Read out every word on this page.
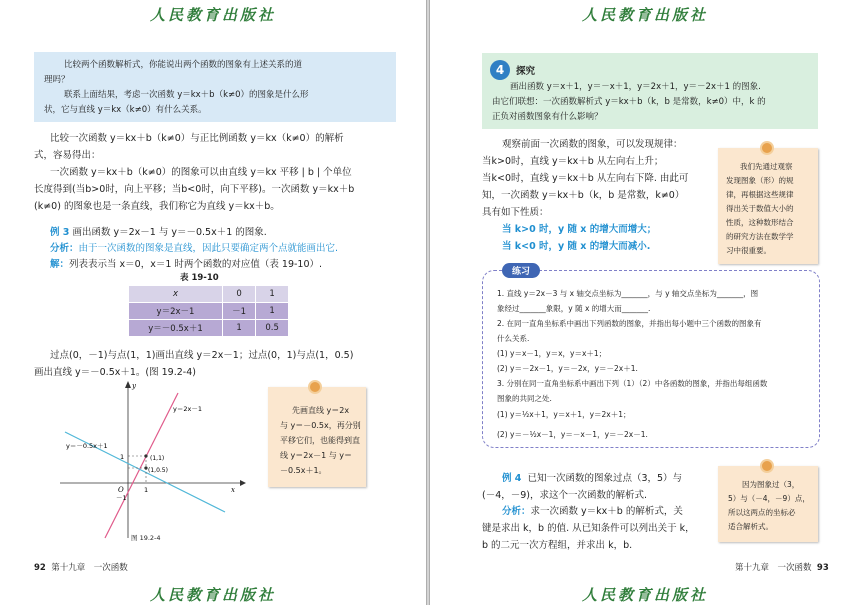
人民教育出版社
比较两个函数解析式，你能说出两个函数的图象有上述关系的道
理吗？
联系上面结果，考虑一次函数 y＝kx＋b（k≠0）的图象是什么形
状，它与直线 y＝kx（k≠0）有什么关系。
比较一次函数 y＝kx＋b（k≠0）与正比例函数 y＝kx（k≠0）的解析
式，容易得出：
一次函数 y＝kx＋b（k≠0）的图象可以由直线 y＝kx 平移 | b | 个单位
长度得到(当b>0时，向上平移；当b<0时，向下平移)。一次函数 y＝kx＋b
(k≠0) 的图象也是一条直线，我们称它为直线 y＝kx＋b。
例 3 画出函数 y＝2x－1 与 y＝－0.5x＋1 的图象.
分析：由于一次函数的图象是直线，因此只要确定两个点就能画出它.
解：列表表示当 x＝0，x＝1 时两个函数的对应值（表 19-10）.
表 19-10
x	0	1
y＝2x－1	－1	1
y＝－0.5x＋1	1	0.5
过点(0，－1)与点(1，1)画出直线 y＝2x－1；过点(0，1)与点(1，0.5)
画出直线 y＝－0.5x＋1。(图 19.2-4)
y＝2x－1
y＝－0.5x＋1
(1,1)
(1,0.5)
O	1
1
－1
x
y
图 19.2-4
先画直线 y＝2x
与 y＝－0.5x，再分别
平移它们，也能得到直
线 y＝2x－1 与 y＝
－0.5x＋1。
92 第十九章　一次函数
人民教育出版社
人民教育出版社
4	探究
画出函数 y＝x＋1，y＝－x＋1，y＝2x＋1，y＝－2x＋1 的图象.
由它们联想：一次函数解析式 y＝kx＋b（k，b 是常数，k≠0）中，k 的
正负对函数图象有什么影响？
观察前面一次函数的图象，可以发现规律：
当k>0时，直线 y＝kx＋b 从左向右上升；
当k<0时，直线 y＝kx＋b 从左向右下降. 由此可
知，一次函数 y＝kx＋b（k，b 是常数，k≠0）
具有如下性质：
当 k>0 时，y 随 x 的增大而增大；
当 k<0 时，y 随 x 的增大而减小.
我们先通过观察
发现图象（形）的规
律，再根据这些规律
得出关于数值大小的
性质，这种数形结合
的研究方法在数学学
习中很重要。
1. 直线 y＝2x－3 与 x 轴交点坐标为_______，与 y 轴交点坐标为_______，图
象经过_______象限，y 随 x 的增大而_______.
2. 在同一直角坐标系中画出下列函数的图象，并指出每小题中三个函数的图象有
什么关系.
(1) y＝x－1，y＝x，y＝x＋1；
(2) y＝－2x－1，y＝－2x，y＝－2x＋1.
3. 分别在同一直角坐标系中画出下列（1）（2）中各函数的图象，并指出每组函数
图象的共同之处.
(1) y＝½x＋1，y＝x＋1，y＝2x＋1；
(2) y＝－½x－1，y＝－x－1，y＝－2x－1.
练习
例 4 已知一次函数的图象过点（3，5）与
(－4，－9)，求这个一次函数的解析式.
分析：求一次函数 y＝kx＋b 的解析式，关
键是求出 k，b 的值. 从已知条件可以列出关于 k，
b 的二元一次方程组，并求出 k，b.
因为图象过（3，
5）与（－4，－9）点，
所以这两点的坐标必
适合解析式。
第十九章　一次函数 93
人民教育出版社
